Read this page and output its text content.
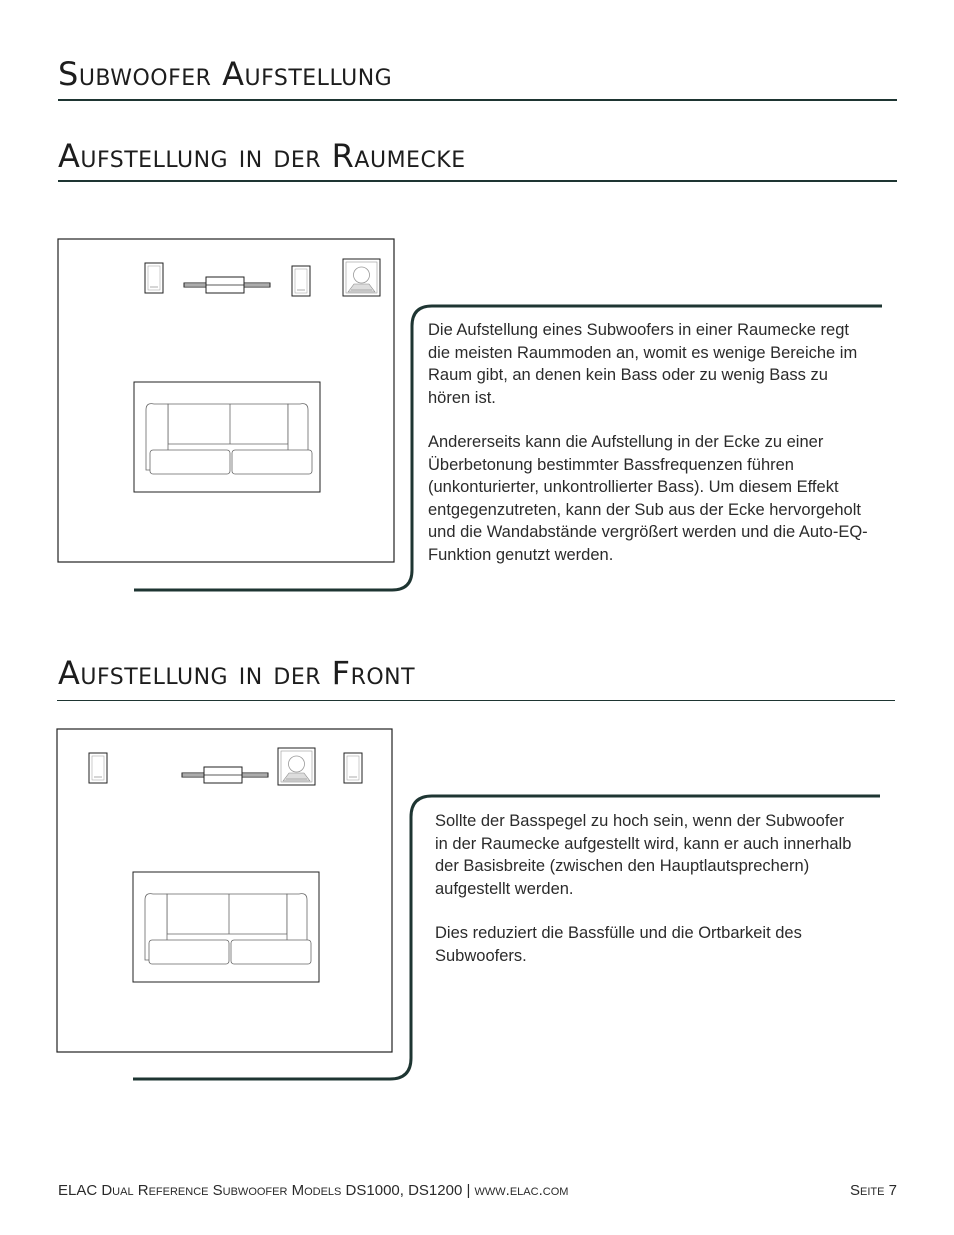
Subwoofer Aufstellung
Aufstellung in der Raumecke
Aufstellung in der Front
Die Aufstellung eines Subwoofers in einer Raumecke regt die meisten Raummoden an, womit es wenige Bereiche im Raum gibt, an denen kein Bass oder zu wenig Bass zu hören ist.
Andererseits kann die Aufstellung in der Ecke zu einer Überbetonung bestimmter Bassfrequenzen führen (unkonturierter, unkontrollierter Bass). Um diesem Effekt entgegenzutreten, kann der Sub aus der Ecke hervorgeholt und die Wandabstände vergrößert werden und die Auto-EQ-Funktion genutzt werden.
Sollte der Basspegel zu hoch sein, wenn der Subwoofer in der Raumecke aufgestellt wird, kann er auch innerhalb der Basisbreite (zwischen den Hauptlautsprechern) aufgestellt werden.
Dies reduziert die Bassfülle und die Ortbarkeit des Subwoofers.
ELAC Dual Reference Subwoofer Models DS1000, DS1200 | www.elac.com	Seite 7
